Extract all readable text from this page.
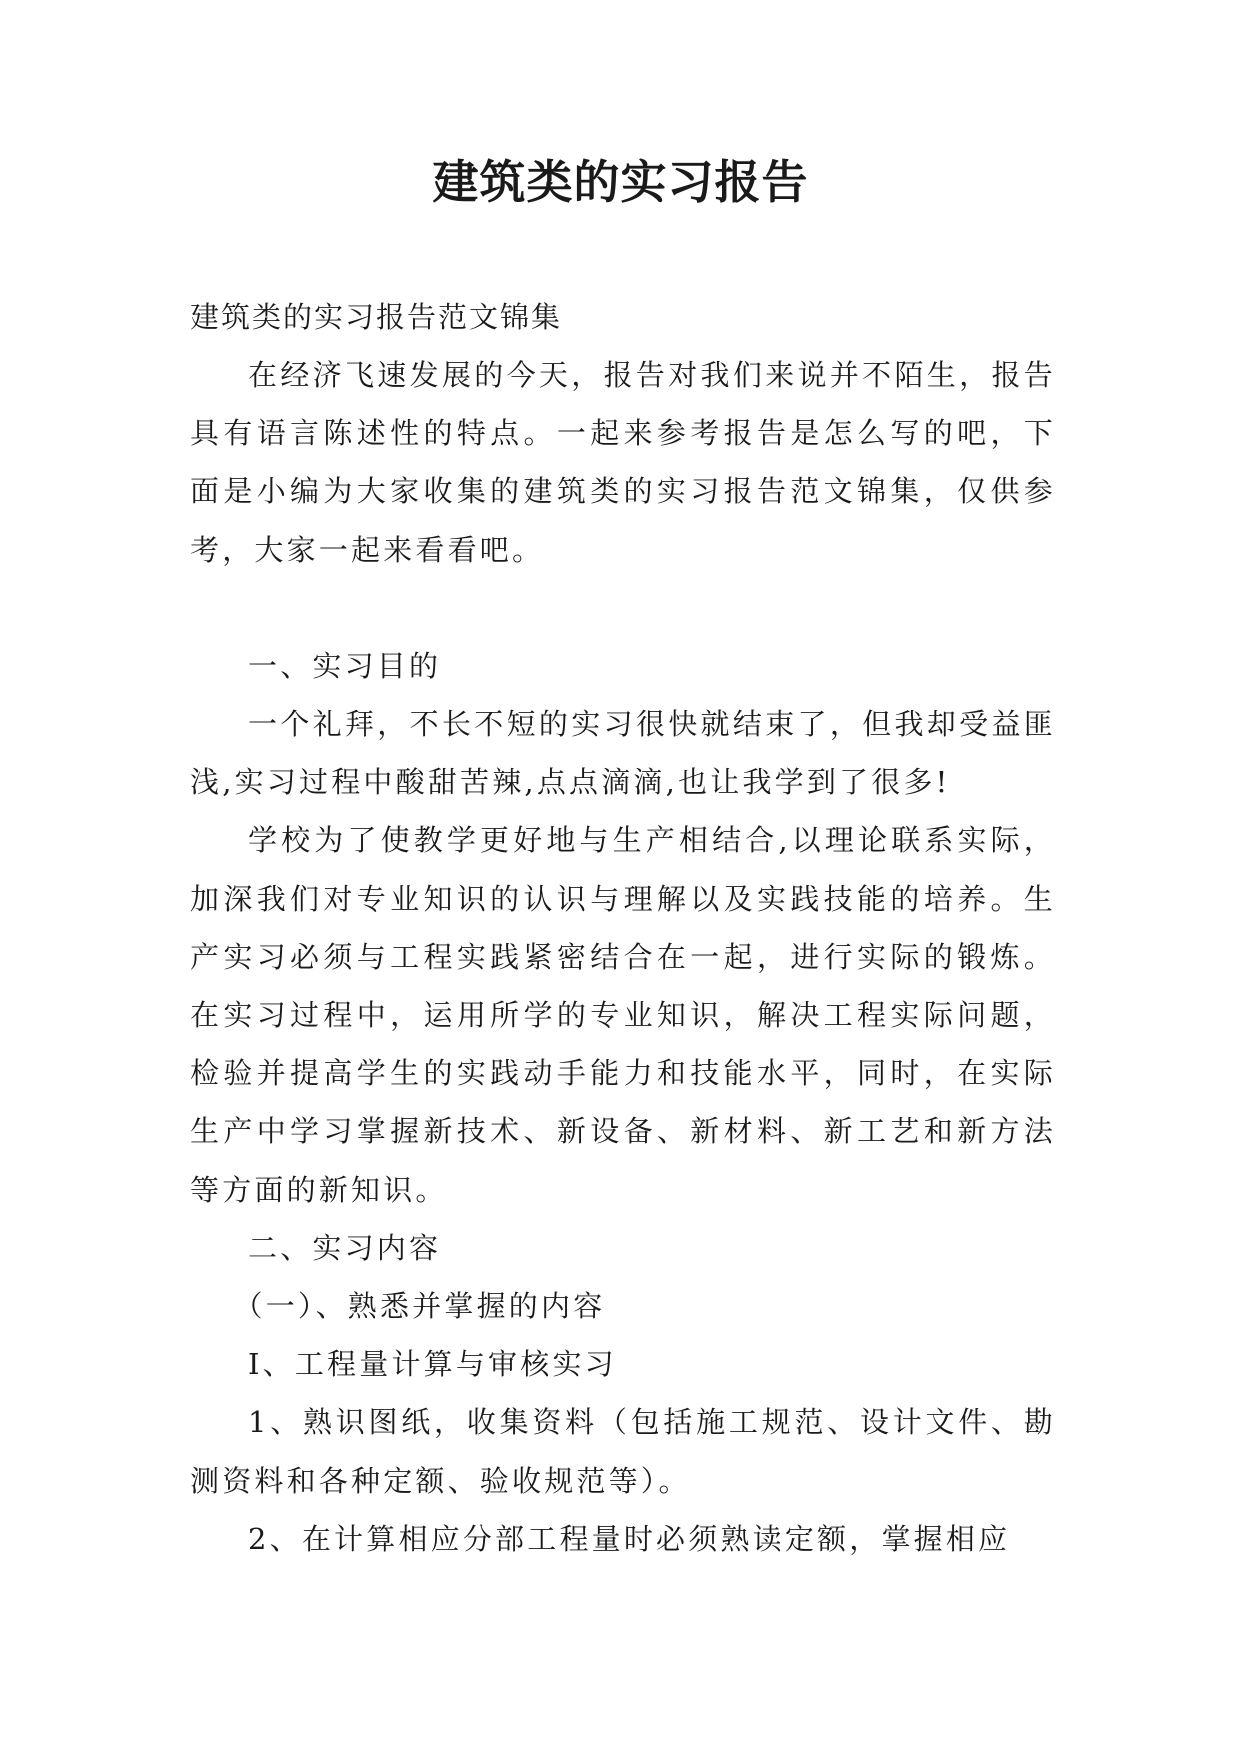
建筑类的实习报告

建筑类的实习报告范文锦集

在经济飞速发展的今天，报告对我们来说并不陌生，报告具有语言陈述性的特点。一起来参考报告是怎么写的吧，下面是小编为大家收集的建筑类的实习报告范文锦集，仅供参考，大家一起来看看吧。

一、实习目的

一个礼拜，不长不短的实习很快就结束了，但我却受益匪浅,实习过程中酸甜苦辣,点点滴滴,也让我学到了很多!

学校为了使教学更好地与生产相结合,以理论联系实际，加深我们对专业知识的认识与理解以及实践技能的培养。生产实习必须与工程实践紧密结合在一起，进行实际的锻炼。在实习过程中，运用所学的专业知识，解决工程实际问题，检验并提高学生的实践动手能力和技能水平，同时，在实际生产中学习掌握新技术、新设备、新材料、新工艺和新方法等方面的新知识。

二、实习内容

（一）、熟悉并掌握的内容

I、工程量计算与审核实习

1、熟识图纸，收集资料（包括施工规范、设计文件、勘测资料和各种定额、验收规范等）。

2、在计算相应分部工程量时必须熟读定额，掌握相应
